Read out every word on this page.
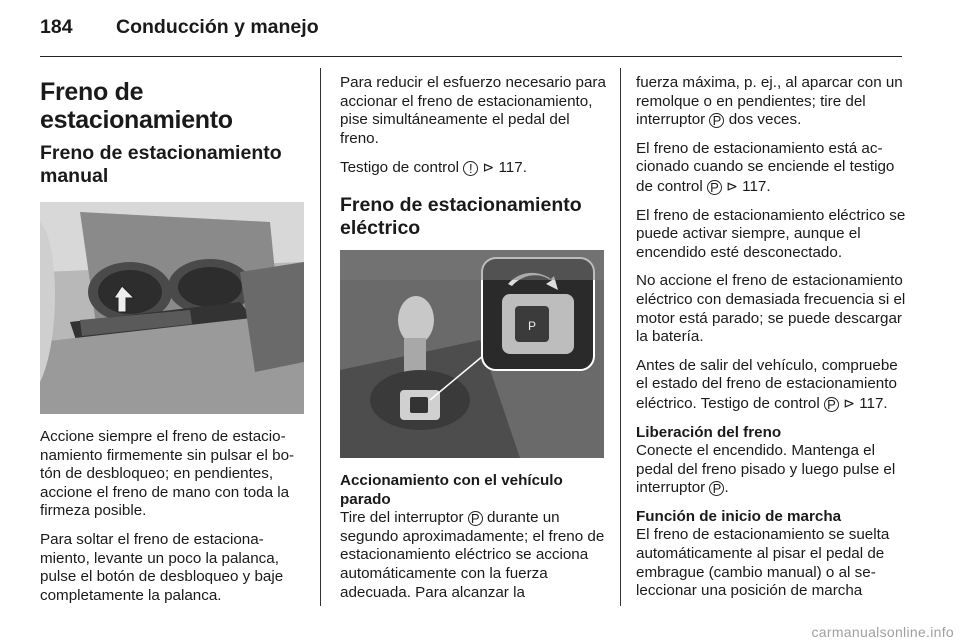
184 Conducción y manejo
Freno de estacionamiento
Freno de estacionamiento manual

Accione siempre el freno de estacionamiento firmemente sin pulsar el botón de desbloqueo; en pendientes, accione el freno de mano con toda la firmeza posible.

Para soltar el freno de estacionamiento, levante un poco la palanca, pulse el botón de desbloqueo y baje completamente la palanca.

Para reducir el esfuerzo necesario para accionar el freno de estacionamiento, pise simultáneamente el pedal del freno.

Testigo de control ! ⊳ 117.

Freno de estacionamiento eléctrico
P
Accionamiento con el vehículo parado

Tire del interruptor P durante un segundo aproximadamente; el freno de estacionamiento eléctrico se acciona automáticamente con la fuerza adecuada. Para alcanzar la

fuerza máxima, p. ej., al aparcar con un remolque o en pendientes; tire del interruptor P dos veces.

El freno de estacionamiento está accionado cuando se enciende el testigo de control P ⊳ 117.

El freno de estacionamiento eléctrico se puede activar siempre, aunque el encendido esté desconectado.

No accione el freno de estacionamiento eléctrico con demasiada frecuencia si el motor está parado; se puede descargar la batería.

Antes de salir del vehículo, compruebe el estado del freno de estacionamiento eléctrico. Testigo de control P ⊳ 117.

Liberación del freno

Conecte el encendido. Mantenga el pedal del freno pisado y luego pulse el interruptor P .

Función de inicio de marcha

El freno de estacionamiento se suelta automáticamente al pisar el pedal de embrague (cambio manual) o al seleccionar una posición de marcha

carmanualsonline.info
